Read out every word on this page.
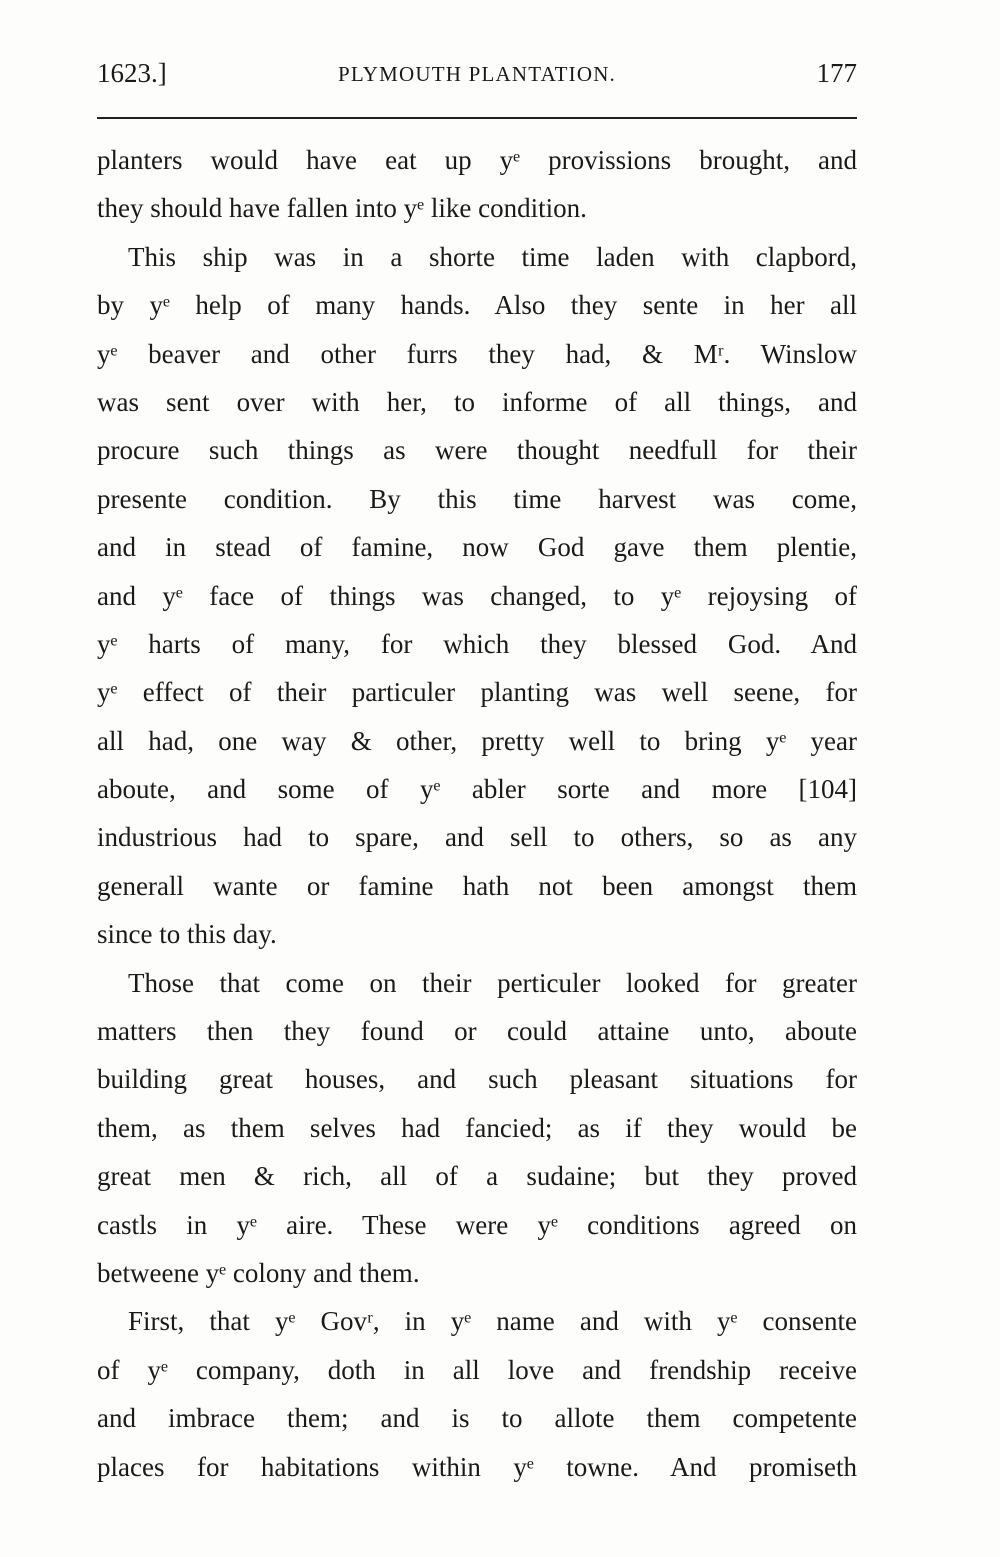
1623.]	PLYMOUTH PLANTATION.	177
planters would have eat up yᵉ provissions brought, and
they should have fallen into yᵉ like condition.
This ship was in a shorte time laden with clapbord,
by yᵉ help of many hands. Also they sente in her all
yᵉ beaver and other furrs they had, & Mʳ. Winslow
was sent over with her, to informe of all things, and
procure such things as were thought needfull for their
presente condition. By this time harvest was come,
and in stead of famine, now God gave them plentie,
and yᵉ face of things was changed, to yᵉ rejoysing of
yᵉ harts of many, for which they blessed God. And
yᵉ effect of their particuler planting was well seene, for
all had, one way & other, pretty well to bring yᵉ year
aboute, and some of yᵉ abler sorte and more [104]
industrious had to spare, and sell to others, so as any
generall wante or famine hath not been amongst them
since to this day.
Those that come on their perticuler looked for greater
matters then they found or could attaine unto, aboute
building great houses, and such pleasant situations for
them, as them selves had fancied; as if they would be
great men & rich, all of a sudaine; but they proved
castls in yᵉ aire. These were yᵉ conditions agreed on
betweene yᵉ colony and them.
First, that yᵉ Govʳ, in yᵉ name and with yᵉ consente
of yᵉ company, doth in all love and frendship receive
and imbrace them; and is to allote them competente
places for habitations within yᵉ towne. And promiseth
